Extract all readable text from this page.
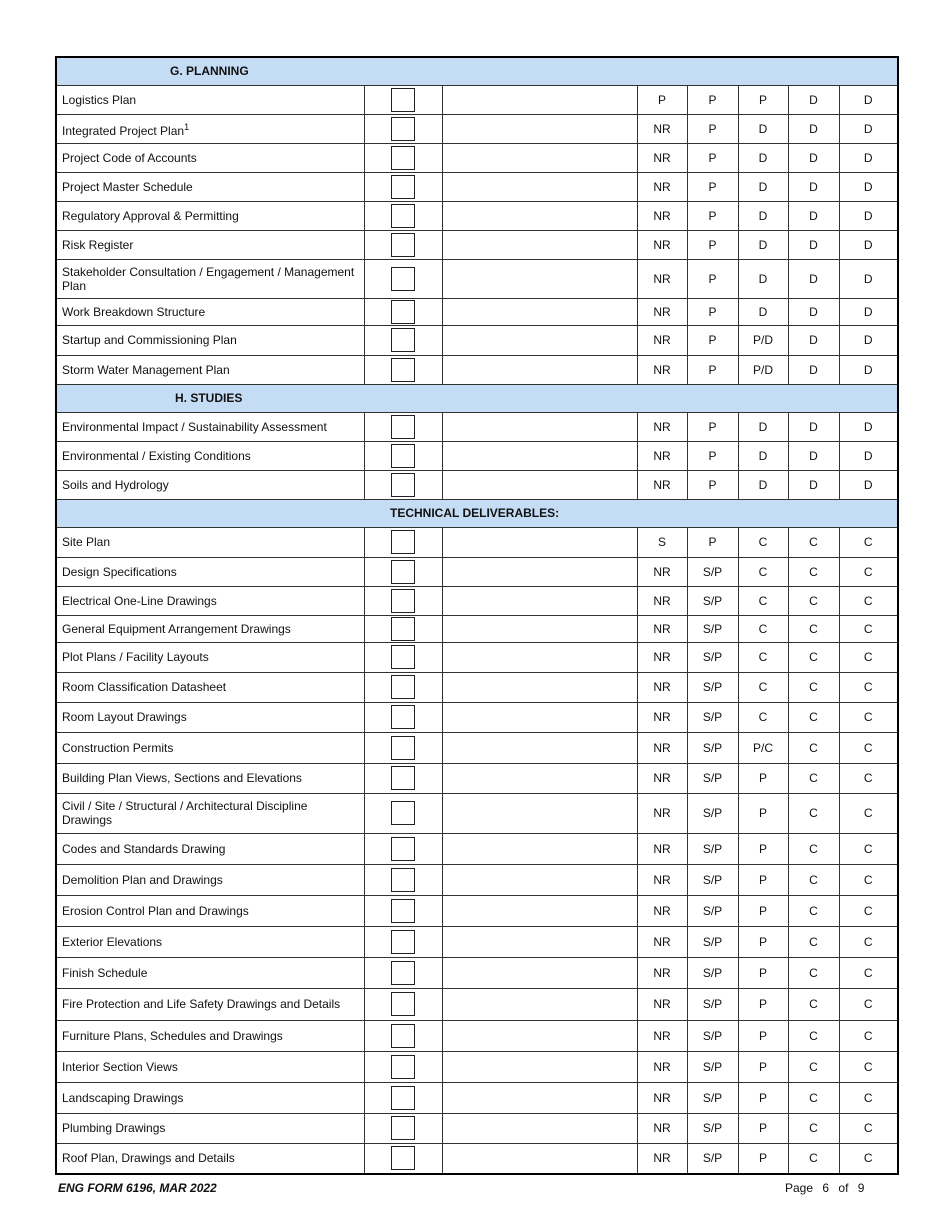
G. PLANNING								
Logistics Plan				P	P	P	D	D
Integrated Project Plan$^1$				NR	P	D	D	D
Project Code of Accounts				NR	P	D	D	D
Project Master Schedule				NR	P	D	D	D
Regulatory Approval & Permitting				NR	P	D	D	D
Risk Register				NR	P	D	D	D
Stakeholder Consultation / Engagement / Management Plan				NR	P	D	D	D
Work Breakdown Structure				NR	P	D	D	D
Startup and Commissioning Plan				NR	P	P/D	D	D
Storm Water Management Plan				NR	P	P/D	D	D
H. STUDIES								
Environmental Impact / Sustainability Assessment				NR	P	D	D	D
Environmental / Existing Conditions				NR	P	D	D	D
Soils and Hydrology				NR	P	D	D	D
TECHNICAL DELIVERABLES:								
Site Plan				S	P	C	C	C
Design Specifications				NR	S/P	C	C	C
Electrical One-Line Drawings				NR	S/P	C	C	C
General Equipment Arrangement Drawings				NR	S/P	C	C	C
Plot Plans / Facility Layouts				NR	S/P	C	C	C
Room Classification Datasheet				NR	S/P	C	C	C
Room Layout Drawings				NR	S/P	C	C	C
Construction Permits				NR	S/P	P/C	C	C
Building Plan Views, Sections and Elevations				NR	S/P	P	C	C
Civil / Site / Structural / Architectural Discipline Drawings				NR	S/P	P	C	C
Codes and Standards Drawing				NR	S/P	P	C	C
Demolition Plan and Drawings				NR	S/P	P	C	C
Erosion Control Plan and Drawings				NR	S/P	P	C	C
Exterior Elevations				NR	S/P	P	C	C
Finish Schedule				NR	S/P	P	C	C
Fire Protection and Life Safety Drawings and Details				NR	S/P	P	C	C
Furniture Plans, Schedules and Drawings				NR	S/P	P	C	C
Interior Section Views				NR	S/P	P	C	C
Landscaping Drawings				NR	S/P	P	C	C
Plumbing Drawings				NR	S/P	P	C	C
Roof Plan, Drawings and Details				NR	S/P	P	C	C
ENG FORM 6196, MAR 2022	Page 6 of 9
